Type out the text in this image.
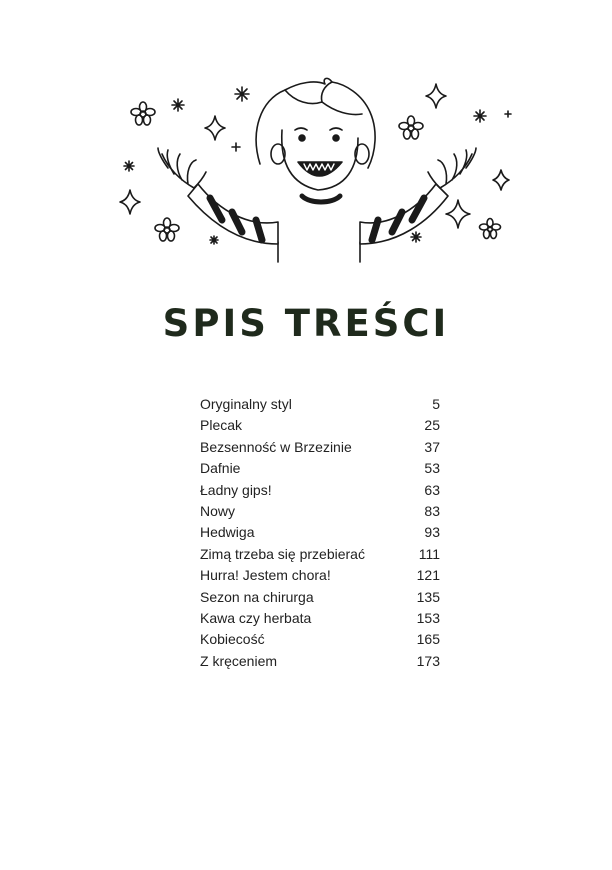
SPIS TREŚCI
Oryginalny styl	5
Plecak	25
Bezsenność w Brzezinie	37
Dafnie	53
Ładny gips!	63
Nowy	83
Hedwiga	93
Zimą trzeba się przebierać	111
Hurra! Jestem chora!	121
Sezon na chirurga	135
Kawa czy herbata	153
Kobiecość	165
Z kręceniem	173
